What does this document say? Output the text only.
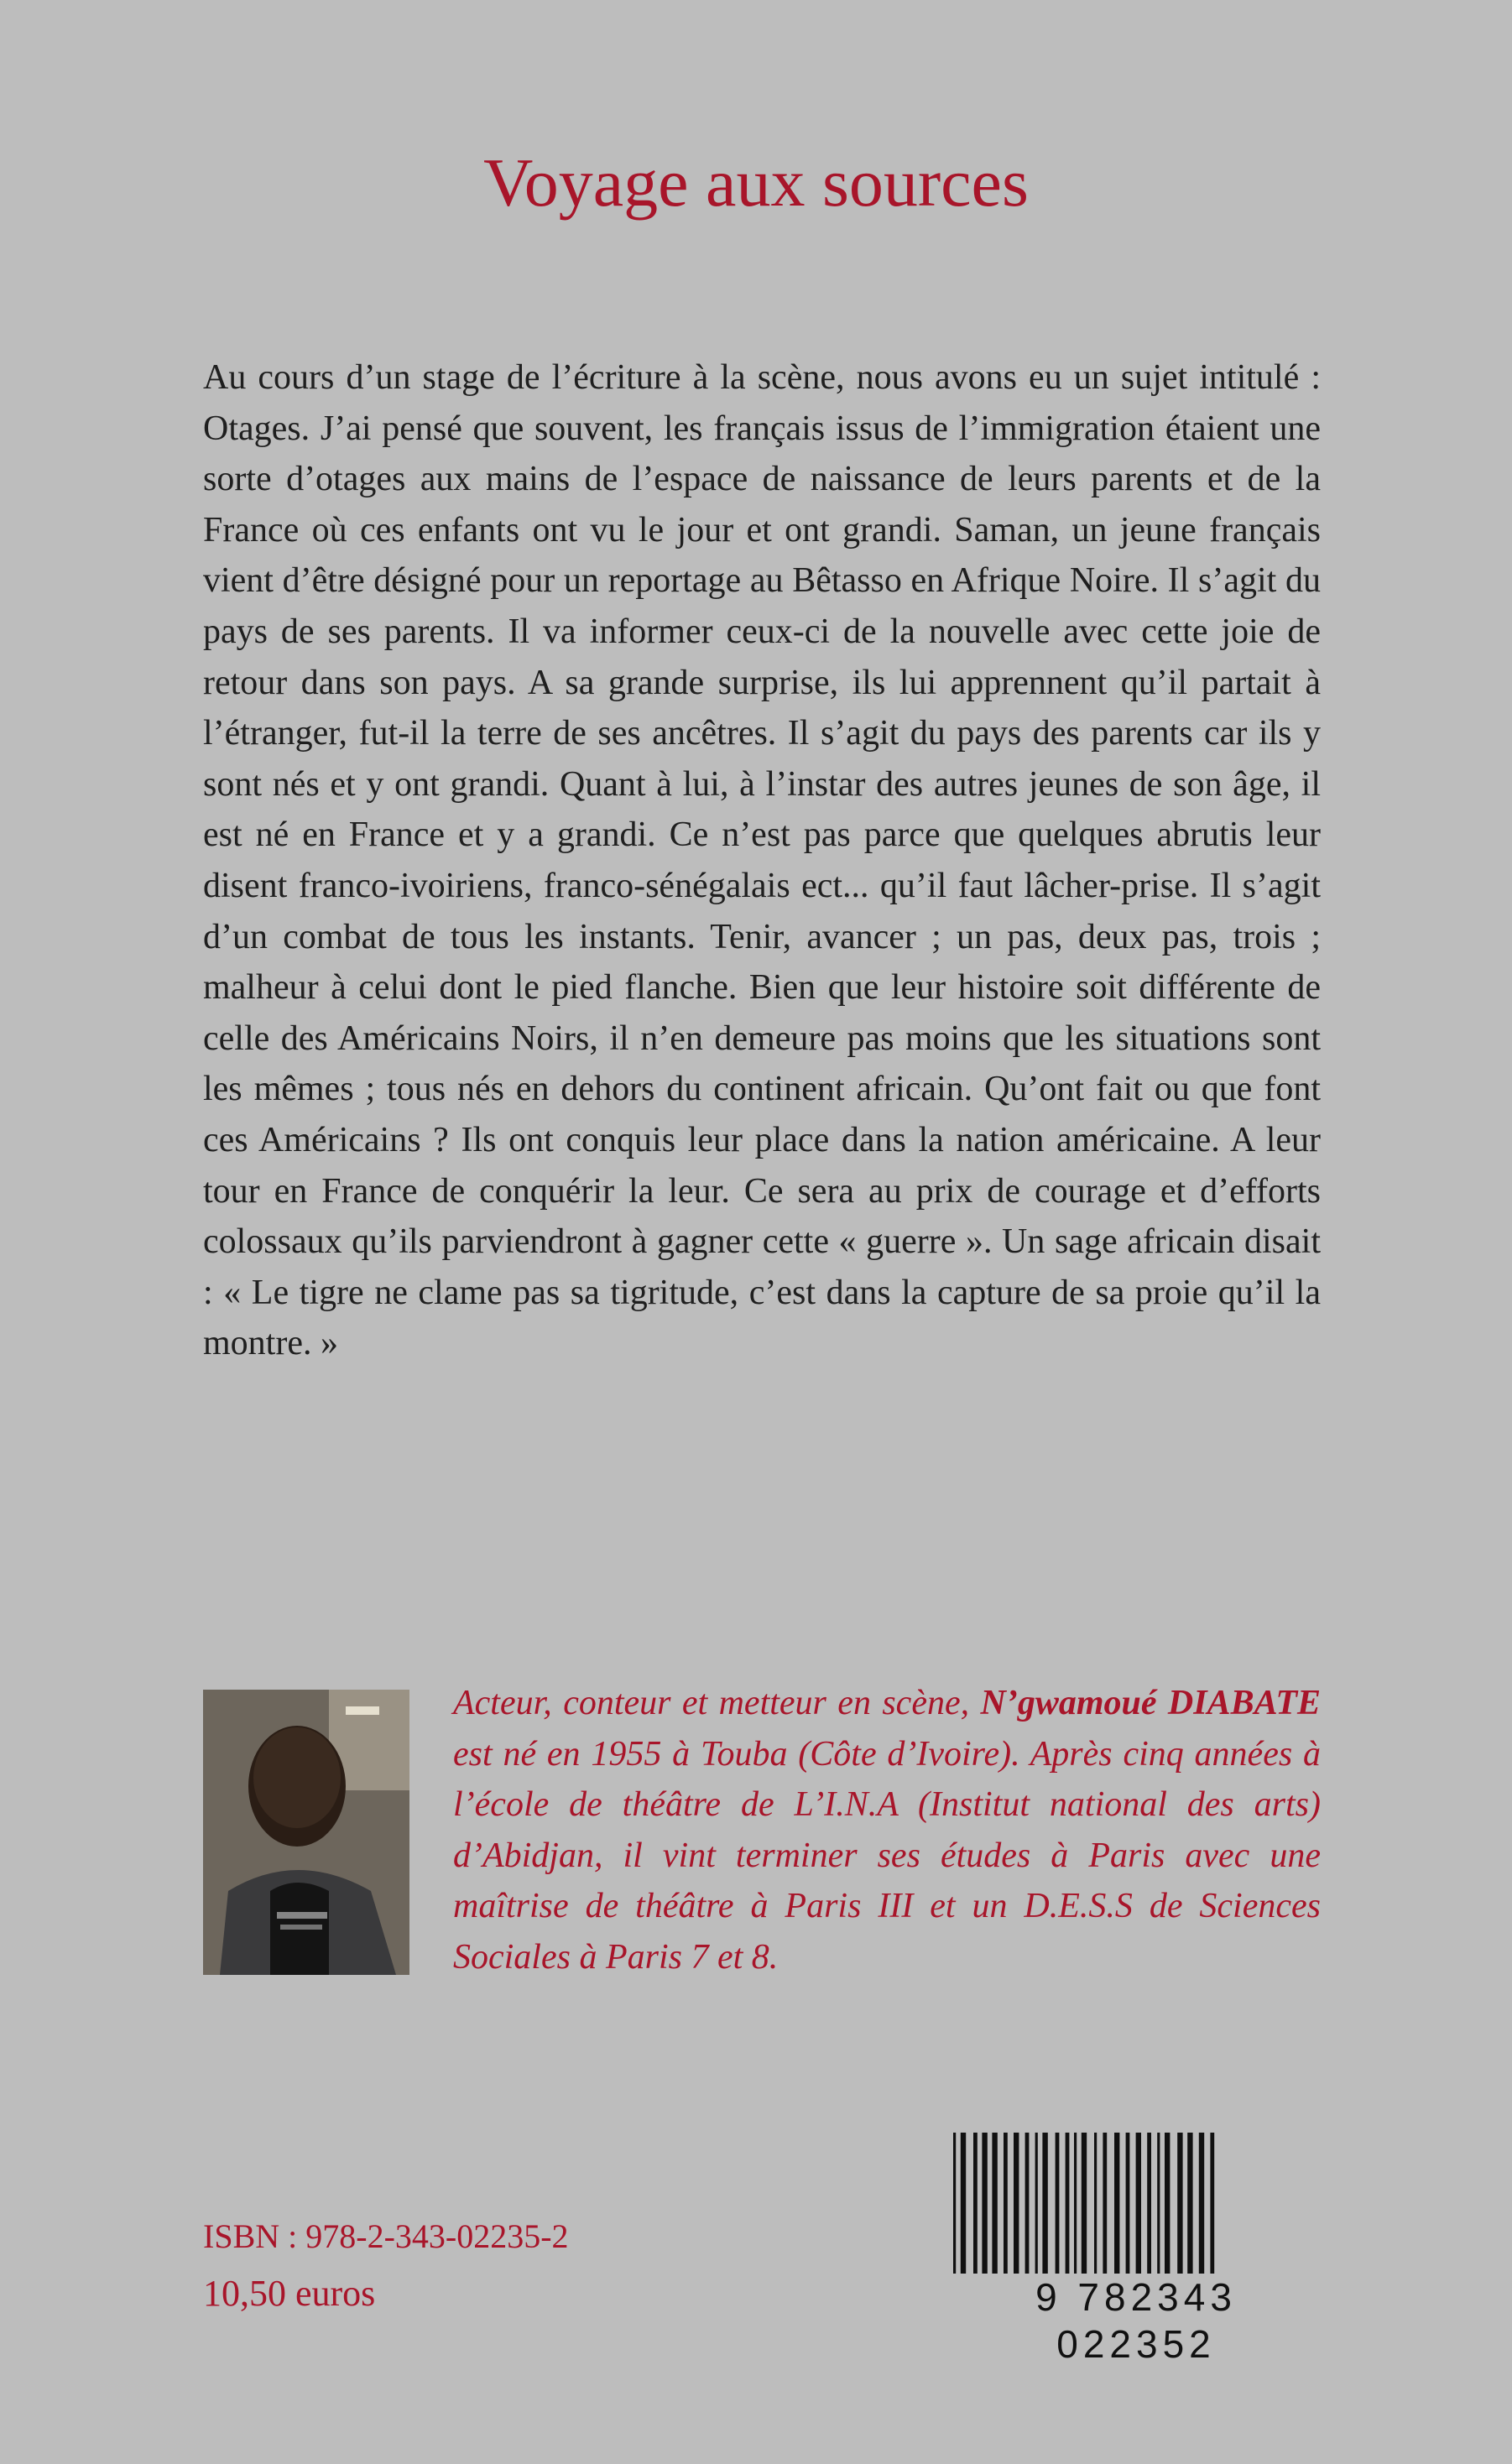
Voyage aux sources

Au cours d’un stage de l’écriture à la scène, nous avons eu un sujet intitulé : Otages. J’ai pensé que souvent, les français issus de l’immigration étaient une sorte d’otages aux mains de l’espace de naissance de leurs parents et de la France où ces enfants ont vu le jour et ont grandi. Saman, un jeune français vient d’être désigné pour un reportage au Bêtasso en Afrique Noire. Il s’agit du pays de ses parents. Il va informer ceux-ci de la nouvelle avec cette joie de retour dans son pays. A sa grande surprise, ils lui apprennent qu’il partait à l’étranger, fut-il la terre de ses ancêtres. Il s’agit du pays des parents car ils y sont nés et y ont grandi. Quant à lui, à l’instar des autres jeunes de son âge, il est né en France et y a grandi. Ce n’est pas parce que quelques abrutis leur disent franco-ivoiriens, franco-sénégalais ect... qu’il faut lâcher-prise. Il s’agit d’un combat de tous les instants. Tenir, avancer ; un pas, deux pas, trois ; malheur à celui dont le pied flanche. Bien que leur histoire soit différente de celle des Américains Noirs, il n’en demeure pas moins que les situations sont les mêmes ; tous nés en dehors du continent africain. Qu’ont fait ou que font ces Américains ? Ils ont conquis leur place dans la nation américaine. A leur tour en France de conquérir la leur. Ce sera au prix de courage et d’efforts colossaux qu’ils parviendront à gagner cette « guerre ». Un sage africain disait : « Le tigre ne clame pas sa tigritude, c’est dans la capture de sa proie qu’il la montre. »

Acteur, conteur et metteur en scène, N’gwamoué DIABATE est né en 1955 à Touba (Côte d’Ivoire). Après cinq années à l’école de théâtre de L’I.N.A (Institut national des arts) d’Abidjan, il vint terminer ses études à Paris avec une maîtrise de théâtre à Paris III et un D.E.S.S de Sciences Sociales à Paris 7 et 8.

ISBN : 978-2-343-02235-2
10,50 euros	9 782343 022352
